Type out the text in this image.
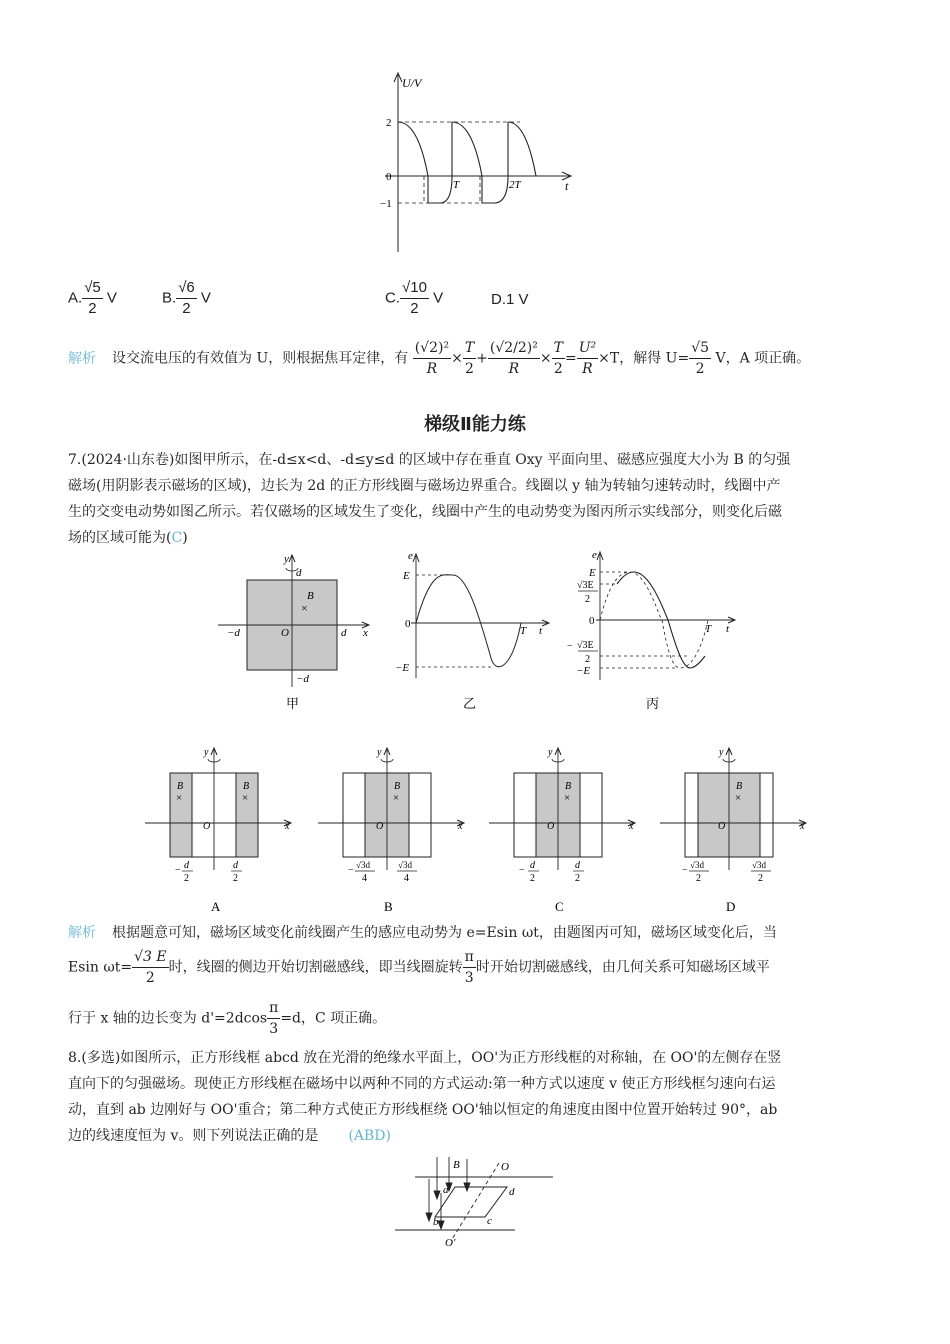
U/V
t
2
0
−1
T	2T
A. $\frac{√5}{2}$ V	B. $\frac{√6}{2}$ V	C. $\frac{√10}{2}$ V	D.1 V
解析 设交流电压的有效值为 U，则根据焦耳定律，有 $\frac{\text{(√2)²}}{R} \times \frac{T}{2} + \frac{\text{(√2/2)²}}{R} \times \frac{T}{2} = \frac{\text{U²}}{R} \times T$，解得 $U= \frac{√5}{2}$ V，A 项正确。
梯级Ⅱ能力练
7.(2024·山东卷)如图甲所示，在-d≤x<d、-d≤y≤d 的区域中存在垂直 Oxy 平面向里、磁感应强度大小为 B 的匀强
磁场(用阴影表示磁场的区域)，边长为 2d 的正方形线圈与磁场边界重合。线圈以 y 轴为转轴匀速转动时，线圈中产
生的交变电动势如图乙所示。若仅磁场的区域发生了变化，线圈中产生的电动势变为图丙所示实线部分，则变化后磁
场的区域可能为(C)
y
d
B
×
O
−d	d x
−d
甲
e
E
0
−E
T t
乙
e
E
√3E
2
0
− √3E
2
−E
T t
丙
y
B
×
B
×
O	x
− d
2
d
2
A
y
B
×
O	x
− √3d
4
√3d
4
B
y
B
×
O	x
− d
2
d
2
C
y
B
×
O	x
− √3d
2
√3d
2
D
解析 根据题意可知，磁场区域变化前线圈产生的感应电动势为 e=Esin ωt，由题图丙可知，磁场区域变化后，当
Esin $\omega t= \frac{√3 E}{2}$ 时，线圈的侧边开始切割磁感线，即当线圈旋转 $\frac{\pi}{3}$ 时开始切割磁感线，由几何关系可知磁场区域平
行于 x 轴的边长变为 $d'=2dcos \frac{\pi}{3} =d$，C 项正确。
8.(多选)如图所示，正方形线框 abcd 放在光滑的绝缘水平面上，OO'为正方形线框的对称轴，在 OO'的左侧存在竖
直向下的匀强磁场。现使正方形线框在磁场中以两种不同的方式运动:第一种方式以速度 v 使正方形线框匀速向右运
动，直到 ab 边刚好与 OO'重合；第二种方式使正方形线框绕 OO'轴以恒定的角速度由图中位置开始转过 90°，ab
边的线速度恒为 v。则下列说法正确的是 (ABD)
B	O
a	d
b	c
O'
